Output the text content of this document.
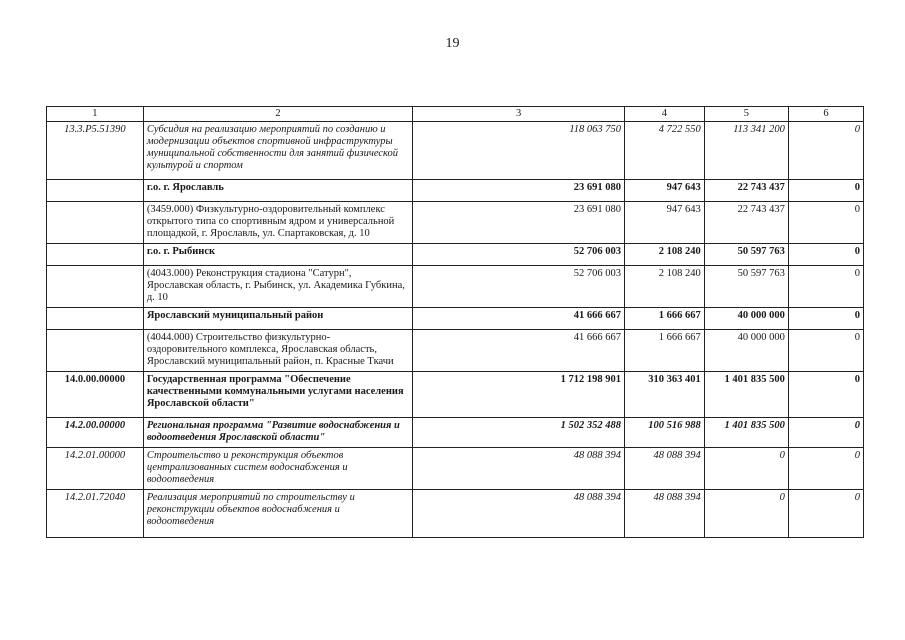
19
1	2	3	4	5	6
13.3.P5.51390	Субсидия на реализацию мероприятий по созданию и модернизации объектов спортивной инфраструктуры муниципальной собственности для занятий физической культурой и спортом	118 063 750	4 722 550	113 341 200	0
	г.о. г. Ярославль	23 691 080	947 643	22 743 437	0
	(3459.000) Физкультурно-оздоровительный комплекс открытого типа со спортивным ядром и универсальной площадкой, г. Ярославль, ул. Спартаковская, д. 10	23 691 080	947 643	22 743 437	0
	г.о. г. Рыбинск	52 706 003	2 108 240	50 597 763	0
	(4043.000) Реконструкция стадиона "Сатурн", Ярославская область, г. Рыбинск, ул. Академика Губкина, д. 10	52 706 003	2 108 240	50 597 763	0
	Ярославский муниципальный район	41 666 667	1 666 667	40 000 000	0
	(4044.000) Строительство физкультурно-оздоровительного комплекса, Ярославская область, Ярославский муниципальный район, п. Красные Ткачи	41 666 667	1 666 667	40 000 000	0
14.0.00.00000	Государственная программа "Обеспечение качественными коммунальными услугами населения Ярославской области"	1 712 198 901	310 363 401	1 401 835 500	0
14.2.00.00000	Региональная программа "Развитие водоснабжения и водоотведения Ярославской области"	1 502 352 488	100 516 988	1 401 835 500	0
14.2.01.00000	Строительство и реконструкция объектов централизованных систем водоснабжения и водоотведения	48 088 394	48 088 394	0	0
14.2.01.72040	Реализация мероприятий по строительству и реконструкции объектов водоснабжения и водоотведения	48 088 394	48 088 394	0	0
